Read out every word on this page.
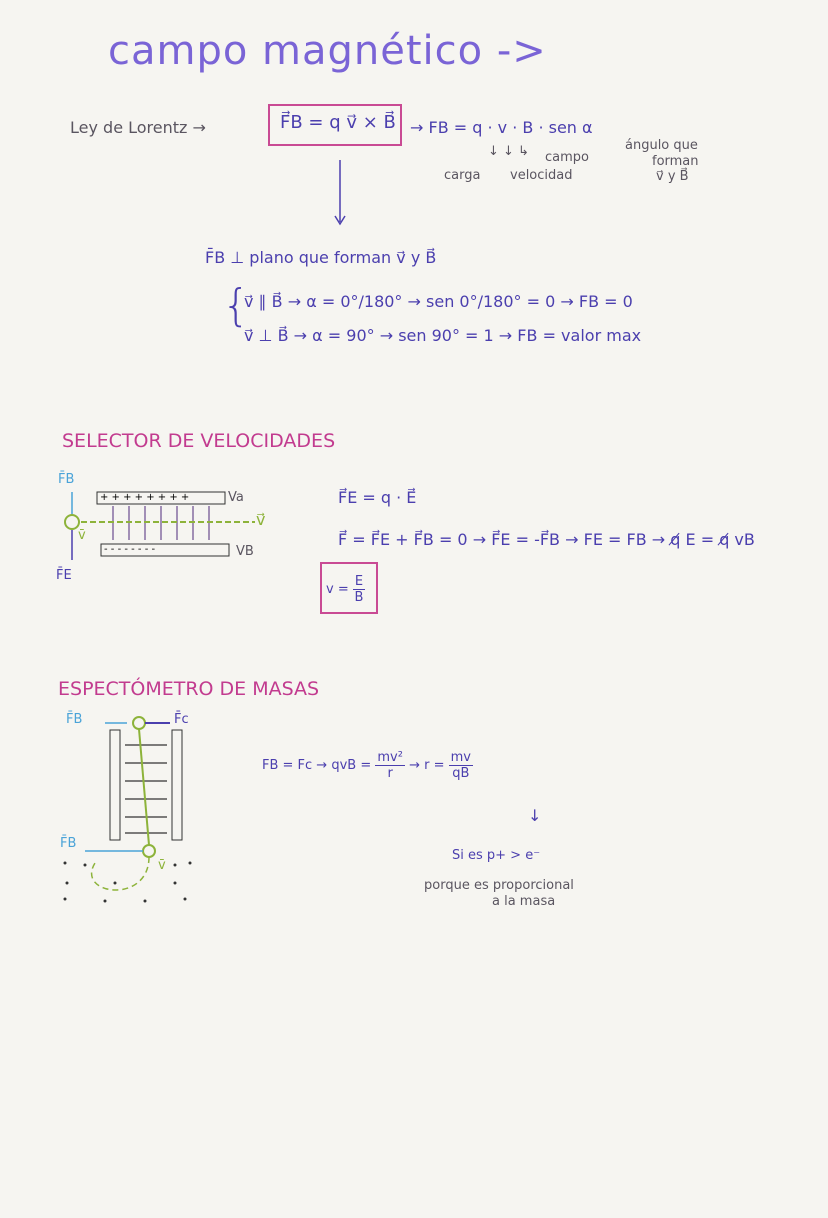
campo magnético ->
Ley de Lorentz →	F⃗B = q v⃗ × B⃗ → FB = q · v · B · sen α
↓ ↓ ↳
carga velocidad
campo
ángulo que
forman
v⃗ y B⃗
F̄B ⊥ plano que forman v⃗ y B⃗
{
v⃗ ∥ B⃗ → α = 0°/180° → sen 0°/180° = 0 → FB = 0
v⃗ ⊥ B⃗ → α = 90° → sen 90° = 1 → FB = valor max
SELECTOR DE VELOCIDADES
F̄B
F̄E
+ + + + + + + +
- - - - - - - -
Va
VB
v⃗
v̄
F⃗E = q · E⃗
F⃗ = F⃗E + F⃗B = 0 → F⃗E = -F⃗B → FE = FB → q̸ E = q̸ vB
$v = \frac{E}{B}$
ESPECTÓMETRO DE MASAS
F̄B	F̄c
F̄B
v̄
FB = Fc → qvB = $\frac{\text{mv²}}{r} \to r = \frac{mv}{qB}$
↓
Si es p+ > e⁻
porque es proporcional
a la masa
